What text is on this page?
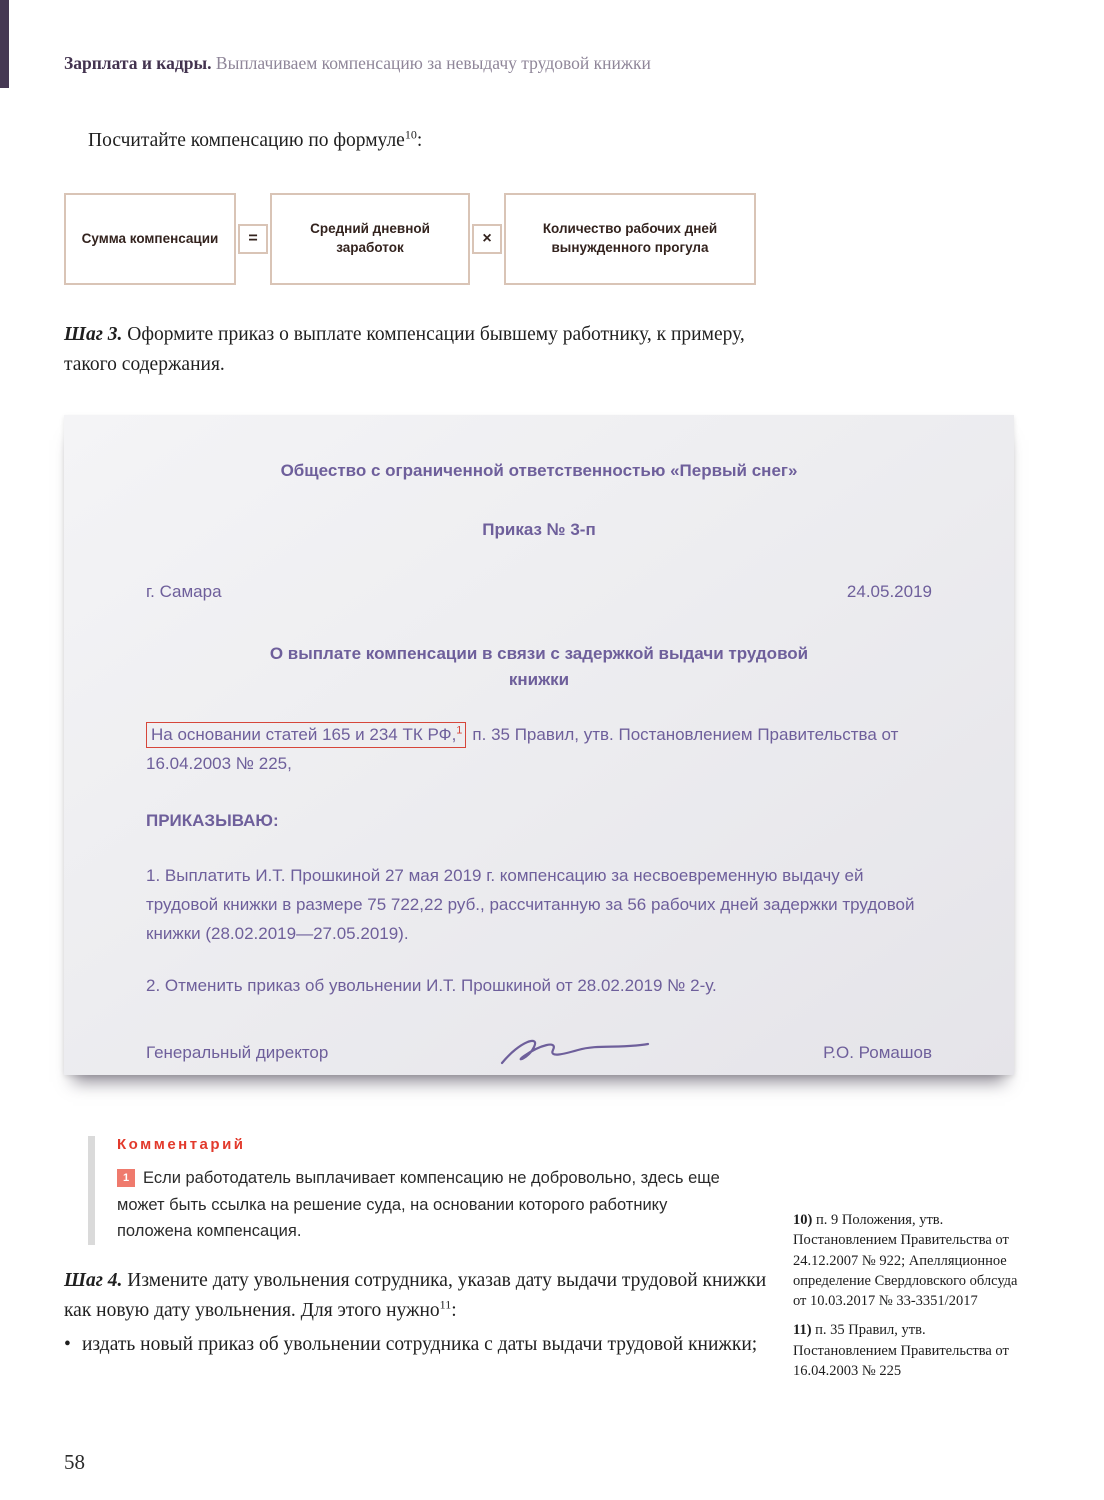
Зарплата и кадры. Выплачиваем компенсацию за невыдачу трудовой книжки
Посчитайте компенсацию по формуле$^{10}$:
Сумма компенсации	=
Средний дневной заработок
×
Количество рабочих дней вынужденного прогула
Шаг 3. Оформите приказ о выплате компенсации бывшему работнику, к примеру, такого содержания.
Общество с ограниченной ответственностью «Первый снег»
Приказ № 3-п
г. Самара	24.05.2019
О выплате компенсации в связи с задержкой выдачи трудовой книжки
На основании статей 165 и 234 ТК РФ,$^1$ п. 35 Правил, утв. Постановлением Правительства от 16.04.2003 № 225,
ПРИКАЗЫВАЮ:
1. Выплатить И.Т. Прошкиной 27 мая 2019 г. компенсацию за несвоевременную выдачу ей трудовой книжки в размере 75 722,22 руб., рассчитанную за 56 рабочих дней задержки трудовой книжки (28.02.2019—27.05.2019).
2. Отменить приказ об увольнении И.Т. Прошкиной от 28.02.2019 № 2-у.
Генеральный директор	Р.О. Ромашов
Комментарий
1 Если работодатель выплачивает компенсацию не добровольно, здесь еще может быть ссылка на решение суда, на основании которого работнику положена компенсация.
10) п. 9 Положения, утв. Постановлением Правительства от 24.12.2007 № 922; Апелляционное определение Свердловского облсуда от 10.03.2017 № 33-3351/2017
11) п. 35 Правил, утв. Постановлением Правительства от 16.04.2003 № 225
Шаг 4. Измените дату увольнения сотрудника, указав дату выдачи трудовой книжки как новую дату увольнения. Для этого нужно$^{11}$:
• издать новый приказ об увольнении сотрудника с даты выдачи трудовой книжки;
58
